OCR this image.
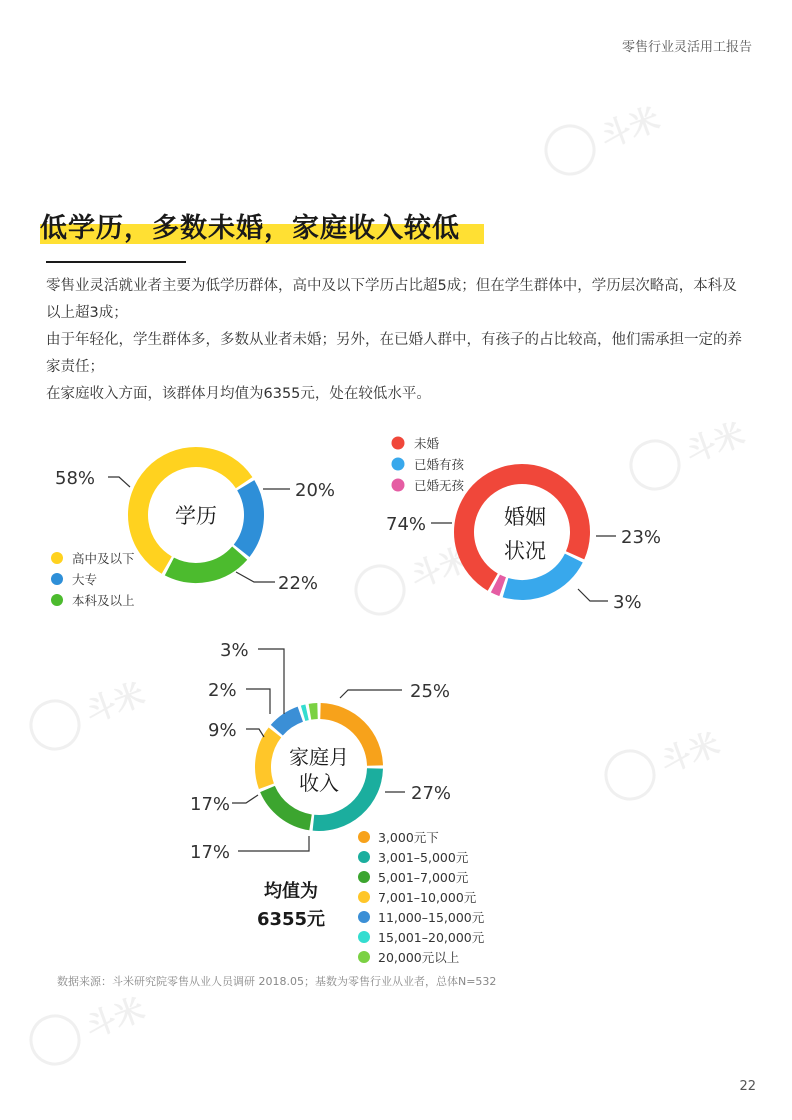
零售行业灵活用工报告
低学历，多数未婚，家庭收入较低

零售业灵活就业者主要为低学历群体，高中及以下学历占比超5成；但在学生群体中，学历层次略高，本科及以上超3成；

由于年轻化，学生群体多，多数从业者未婚；另外，在已婚人群中，有孩子的占比较高，他们需承担一定的养家责任；

在家庭收入方面，该群体月均值为6355元，处在较低水平。

斗米
斗米
斗米
斗米
斗米
斗米
学历
58%
20%
22%
高中及以下
大专
本科及以上
未婚
已婚有孩
已婚无孩
婚姻
状况
74%
23%
3%
家庭月
收入
25%
27%
17%
17%
9%
2%
3%
均值为
6355元
3,000元下
3,001–5,000元
5,001–7,000元
7,001–10,000元
11,000–15,000元
15,001–20,000元
20,000元以上
数据来源：斗米研究院零售从业人员调研 2018.05；基数为零售行业从业者，总体N=532
22
